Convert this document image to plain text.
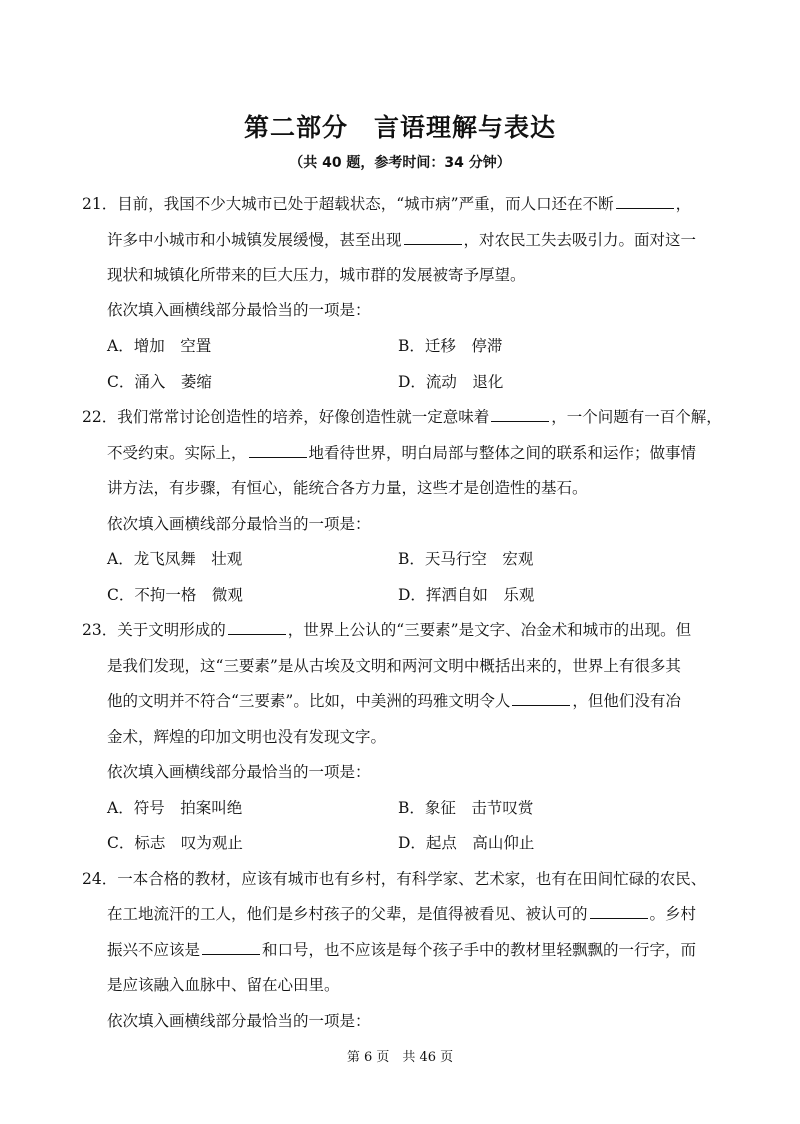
第二部分　言语理解与表达
（共 40 题，参考时间：34 分钟）
21．目前，我国不少大城市已处于超载状态，“城市病”严重，而人口还在不断	，
许多中小城市和小城镇发展缓慢，甚至出现	，对农民工失去吸引力。面对这一
现状和城镇化所带来的巨大压力，城市群的发展被寄予厚望。
依次填入画横线部分最恰当的一项是：
A．增加　空置	B．迁移　停滞
C．涌入　萎缩	D．流动　退化
22．我们常常讨论创造性的培养，好像创造性就一定意味着	，一个问题有一百个解，
不受约束。实际上，	地看待世界，明白局部与整体之间的联系和运作；做事情
讲方法，有步骤，有恒心，能统合各方力量，这些才是创造性的基石。
依次填入画横线部分最恰当的一项是：
A．龙飞凤舞　壮观	B．天马行空　宏观
C．不拘一格　微观	D．挥洒自如　乐观
23．关于文明形成的	，世界上公认的“三要素”是文字、冶金术和城市的出现。但
是我们发现，这“三要素”是从古埃及文明和两河文明中概括出来的，世界上有很多其
他的文明并不符合“三要素”。比如，中美洲的玛雅文明令人	，但他们没有冶
金术，辉煌的印加文明也没有发现文字。
依次填入画横线部分最恰当的一项是：
A．符号　拍案叫绝	B．象征　击节叹赏
C．标志　叹为观止	D．起点　高山仰止
24．一本合格的教材，应该有城市也有乡村，有科学家、艺术家，也有在田间忙碌的农民、
在工地流汗的工人，他们是乡村孩子的父辈，是值得被看见、被认可的	。乡村
振兴不应该是	和口号，也不应该是每个孩子手中的教材里轻飘飘的一行字，而
是应该融入血脉中、留在心田里。
依次填入画横线部分最恰当的一项是：
第 6 页　共 46 页
